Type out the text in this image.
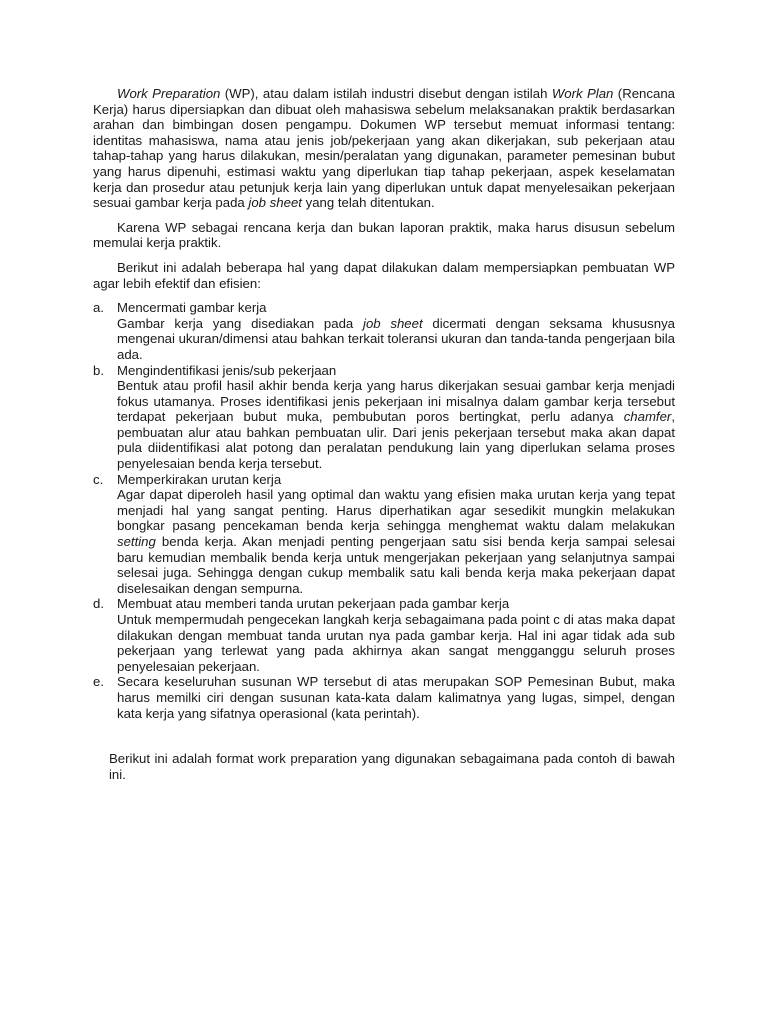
Work Preparation (WP), atau dalam istilah industri disebut dengan istilah Work Plan (Rencana Kerja) harus dipersiapkan dan dibuat oleh mahasiswa sebelum melaksanakan praktik berdasarkan arahan dan bimbingan dosen pengampu. Dokumen WP tersebut memuat informasi tentang: identitas mahasiswa, nama atau jenis job/pekerjaan yang akan dikerjakan, sub pekerjaan atau tahap-tahap yang harus dilakukan, mesin/peralatan yang digunakan, parameter pemesinan bubut yang harus dipenuhi, estimasi waktu yang diperlukan tiap tahap pekerjaan, aspek keselamatan kerja dan prosedur atau petunjuk kerja lain yang diperlukan untuk dapat menyelesaikan pekerjaan sesuai gambar kerja pada job sheet yang telah ditentukan.

Karena WP sebagai rencana kerja dan bukan laporan praktik, maka harus disusun sebelum memulai kerja praktik.

Berikut ini adalah beberapa hal yang dapat dilakukan dalam mempersiapkan pembuatan WP agar lebih efektif dan efisien:

a. Mencermati gambar kerja
Gambar kerja yang disediakan pada job sheet dicermati dengan seksama khususnya mengenai ukuran/dimensi atau bahkan terkait toleransi ukuran dan tanda-tanda pengerjaan bila ada.
b. Mengindentifikasi jenis/sub pekerjaan
Bentuk atau profil hasil akhir benda kerja yang harus dikerjakan sesuai gambar kerja menjadi fokus utamanya. Proses identifikasi jenis pekerjaan ini misalnya dalam gambar kerja tersebut terdapat pekerjaan bubut muka, pembubutan poros bertingkat, perlu adanya chamfer, pembuatan alur atau bahkan pembuatan ulir. Dari jenis pekerjaan tersebut maka akan dapat pula diidentifikasi alat potong dan peralatan pendukung lain yang diperlukan selama proses penyelesaian benda kerja tersebut.
c. Memperkirakan urutan kerja
Agar dapat diperoleh hasil yang optimal dan waktu yang efisien maka urutan kerja yang tepat menjadi hal yang sangat penting. Harus diperhatikan agar sesedikit mungkin melakukan bongkar pasang pencekaman benda kerja sehingga menghemat waktu dalam melakukan setting benda kerja. Akan menjadi penting pengerjaan satu sisi benda kerja sampai selesai baru kemudian membalik benda kerja untuk mengerjakan pekerjaan yang selanjutnya sampai selesai juga. Sehingga dengan cukup membalik satu kali benda kerja maka pekerjaan dapat diselesaikan dengan sempurna.
d. Membuat atau memberi tanda urutan pekerjaan pada gambar kerja
Untuk mempermudah pengecekan langkah kerja sebagaimana pada point c di atas maka dapat dilakukan dengan membuat tanda urutan nya pada gambar kerja. Hal ini agar tidak ada sub pekerjaan yang terlewat yang pada akhirnya akan sangat mengganggu seluruh proses penyelesaian pekerjaan.
e. Secara keseluruhan susunan WP tersebut di atas merupakan SOP Pemesinan Bubut, maka harus memilki ciri dengan susunan kata-kata dalam kalimatnya yang lugas, simpel, dengan kata kerja yang sifatnya operasional (kata perintah).

Berikut ini adalah format work preparation yang digunakan sebagaimana pada contoh di bawah ini.
